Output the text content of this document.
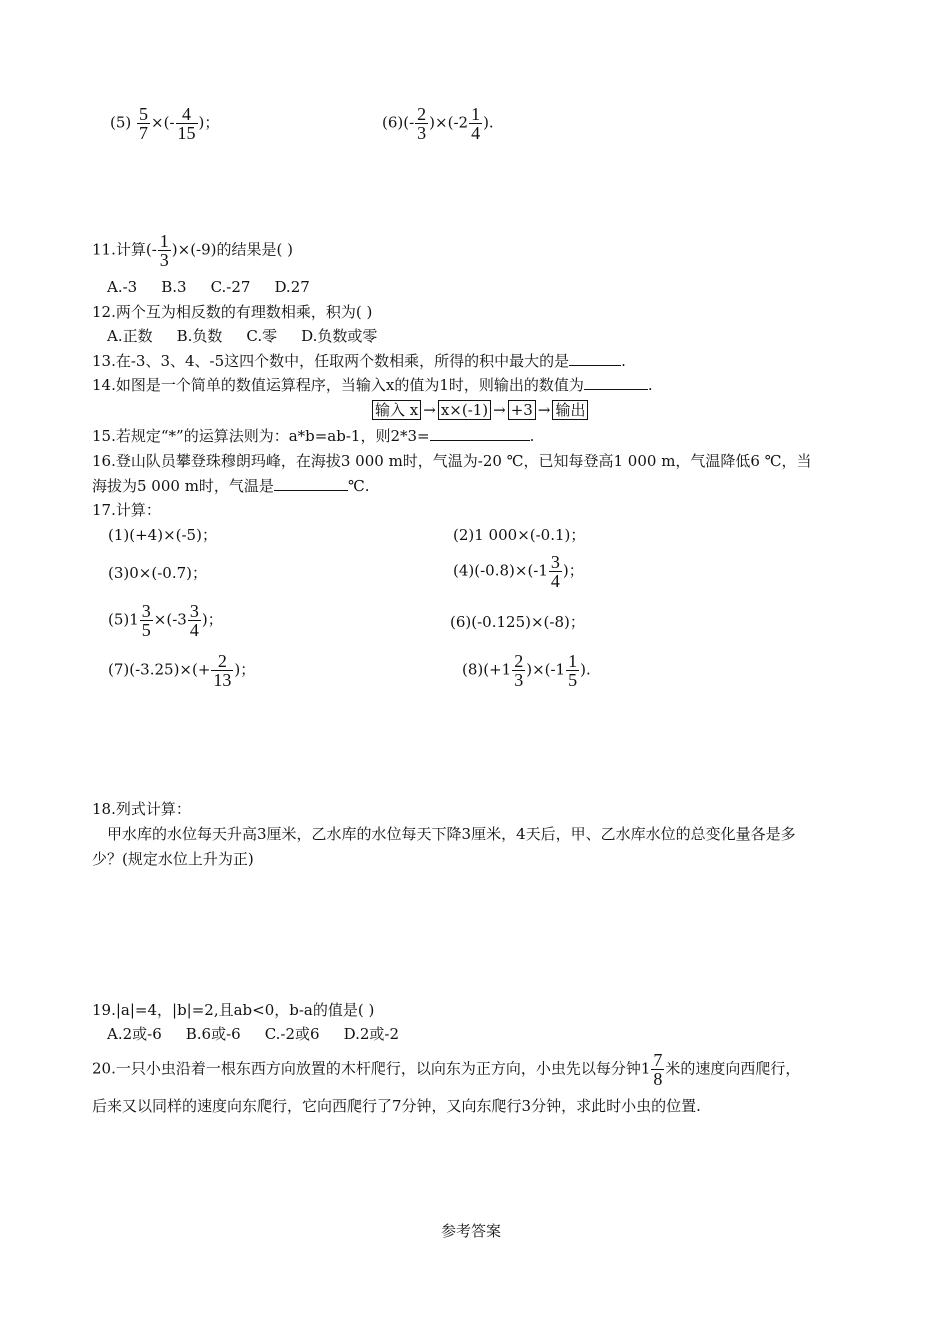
$(5) \frac{5}{7}$ ×(- $\frac{4}{15}$ )；	$(6)(- \frac{2}{3} )\times(-2 \frac{1}{4}$ ).
11.计算(- $\frac{1}{3} )\times(-9)$的结果是( )
A.-3 B.3 C.-27 D.27
12.两个互为相反数的有理数相乘，积为( )
A.正数 B.负数 C.零 D.负数或零
13.在-3、3、4、-5这四个数中，任取两个数相乘，所得的积中最大的是	.
14.如图是一个简单的数值运算程序，当输入x的值为1时，则输出的数值为	.
输入 x → x×(-1) → +3 → 输出
15.若规定“*”的运算法则为：a*b=ab-1，则2*3=	.
16.登山队员攀登珠穆朗玛峰，在海拔3 000 m时，气温为-20 ℃，已知每登高1 000 m，气温降低6 ℃，当
海拔为5 000 m时，气温是	℃.
17.计算：
(1)(+4)×(-5)；	(2)1 000×(-0.1)；
(3)0×(-0.7)；	$(4)(-0.8)\times(-1 \frac{3}{4}$ )；
$(5)1 \frac{3}{5} \times(-3 \frac{3}{4}$ )；	(6)(-0.125)×(-8)；
$(7)(-3.25)\times(+ \frac{2}{13}$ )；	$(8)(+1 \frac{2}{3} )\times(-1 \frac{1}{5}$ ).
18.列式计算：
甲水库的水位每天升高3厘米，乙水库的水位每天下降3厘米，4天后，甲、乙水库水位的总变化量各是多
少？(规定水位上升为正)
19.|a|=4，|b|=2,且ab<0，b-a的值是( )
A.2或-6 B.6或-6 C.-2或6 D.2或-2
20.一只小虫沿着一根东西方向放置的木杆爬行，以向东为正方向，小虫先以每分钟$1 \frac{7}{8}$ 米的速度向西爬行，
后来又以同样的速度向东爬行，它向西爬行了7分钟，又向东爬行3分钟，求此时小虫的位置.
参考答案
